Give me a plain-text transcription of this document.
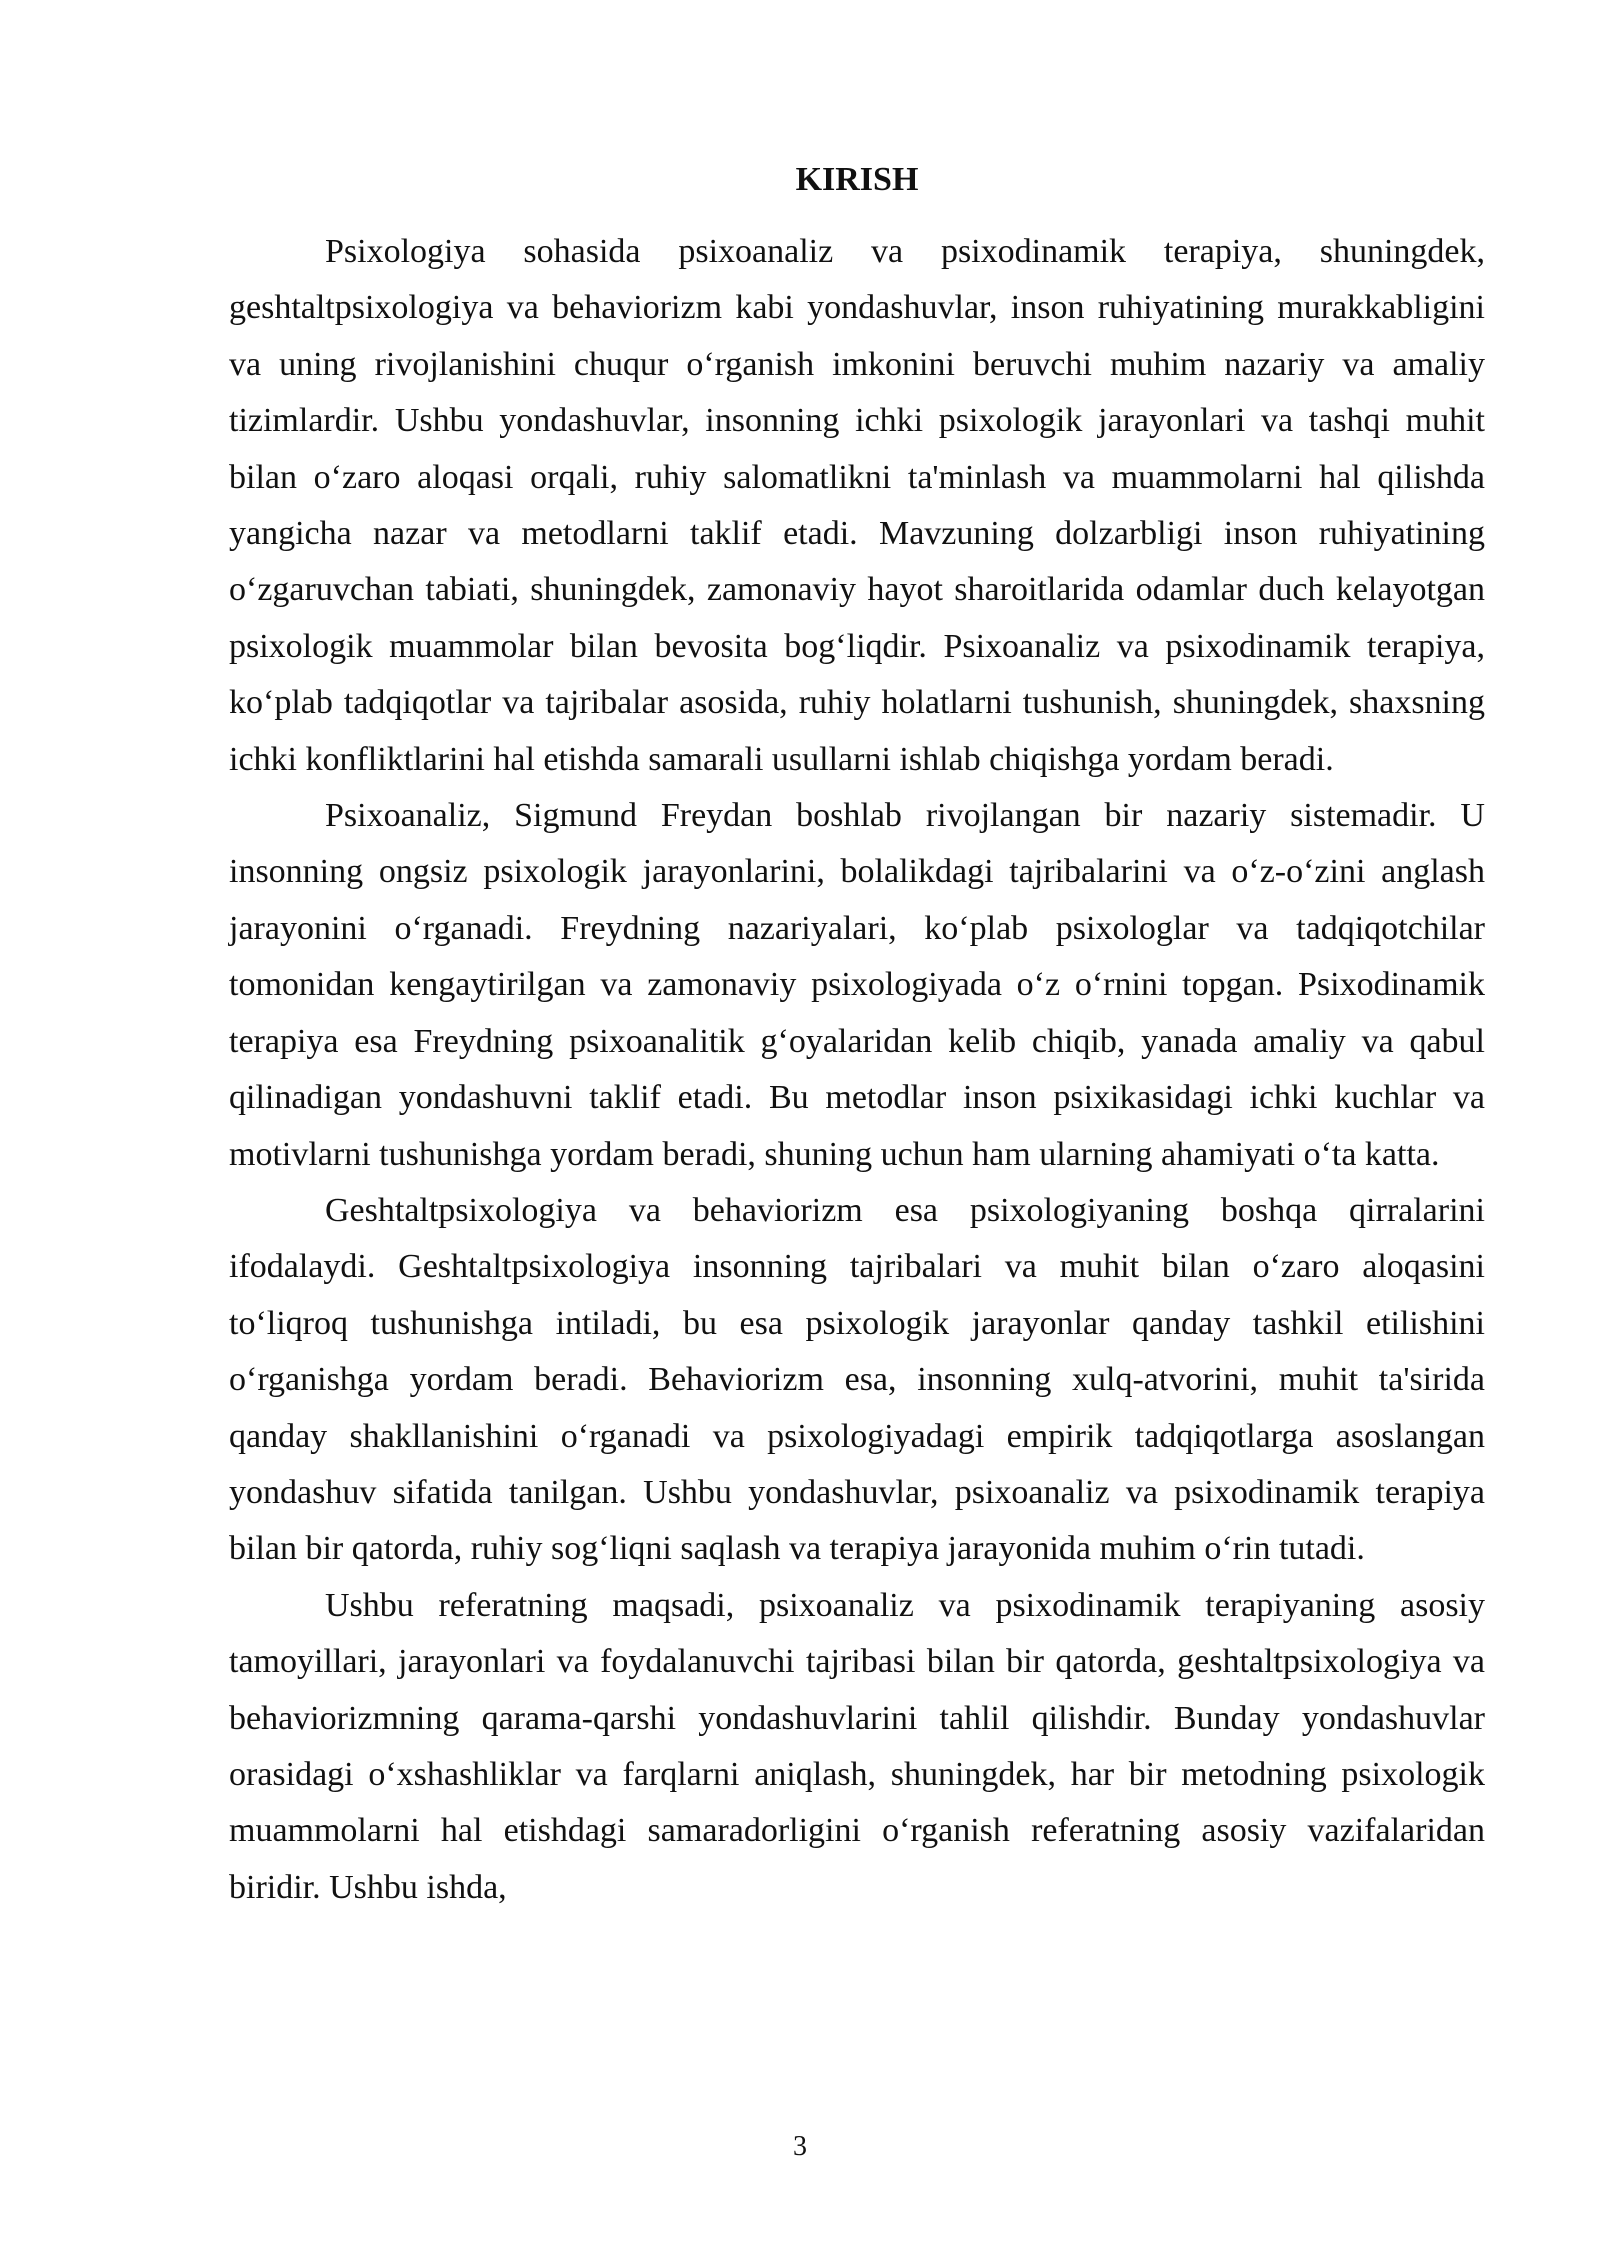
KIRISH

Psixologiya sohasida psixoanaliz va psixodinamik terapiya, shuningdek, geshtaltpsixologiya va behaviorizm kabi yondashuvlar, inson ruhiyatining murakkabligini va uning rivojlanishini chuqur o‘rganish imkonini beruvchi muhim nazariy va amaliy tizimlardir. Ushbu yondashuvlar, insonning ichki psixologik jarayonlari va tashqi muhit bilan o‘zaro aloqasi orqali, ruhiy salomatlikni ta'minlash va muammolarni hal qilishda yangicha nazar va metodlarni taklif etadi. Mavzuning dolzarbligi inson ruhiyatining o‘zgaruvchan tabiati, shuningdek, zamonaviy hayot sharoitlarida odamlar duch kelayotgan psixologik muammolar bilan bevosita bog‘liqdir. Psixoanaliz va psixodinamik terapiya, ko‘plab tadqiqotlar va tajribalar asosida, ruhiy holatlarni tushunish, shuningdek, shaxsning ichki konfliktlarini hal etishda samarali usullarni ishlab chiqishga yordam beradi.

Psixoanaliz, Sigmund Freydan boshlab rivojlangan bir nazariy sistemadir. U insonning ongsiz psixologik jarayonlarini, bolalikdagi tajribalarini va o‘z-o‘zini anglash jarayonini o‘rganadi. Freydning nazariyalari, ko‘plab psixologlar va tadqiqotchilar tomonidan kengaytirilgan va zamonaviy psixologiyada o‘z o‘rnini topgan. Psixodinamik terapiya esa Freydning psixoanalitik g‘oyalaridan kelib chiqib, yanada amaliy va qabul qilinadigan yondashuvni taklif etadi. Bu metodlar inson psixikasidagi ichki kuchlar va motivlarni tushunishga yordam beradi, shuning uchun ham ularning ahamiyati o‘ta katta.

Geshtaltpsixologiya va behaviorizm esa psixologiyaning boshqa qirralarini ifodalaydi. Geshtaltpsixologiya insonning tajribalari va muhit bilan o‘zaro aloqasini to‘liqroq tushunishga intiladi, bu esa psixologik jarayonlar qanday tashkil etilishini o‘rganishga yordam beradi. Behaviorizm esa, insonning xulq-atvorini, muhit ta'sirida qanday shakllanishini o‘rganadi va psixologiyadagi empirik tadqiqotlarga asoslangan yondashuv sifatida tanilgan. Ushbu yondashuvlar, psixoanaliz va psixodinamik terapiya bilan bir qatorda, ruhiy sog‘liqni saqlash va terapiya jarayonida muhim o‘rin tutadi.

Ushbu referatning maqsadi, psixoanaliz va psixodinamik terapiyaning asosiy tamoyillari, jarayonlari va foydalanuvchi tajribasi bilan bir qatorda, geshtaltpsixologiya va behaviorizmning qarama-qarshi yondashuvlarini tahlil qilishdir. Bunday yondashuvlar orasidagi o‘xshashliklar va farqlarni aniqlash, shuningdek, har bir metodning psixologik muammolarni hal etishdagi samaradorligini o‘rganish referatning asosiy vazifalaridan biridir. Ushbu ishda,

3
